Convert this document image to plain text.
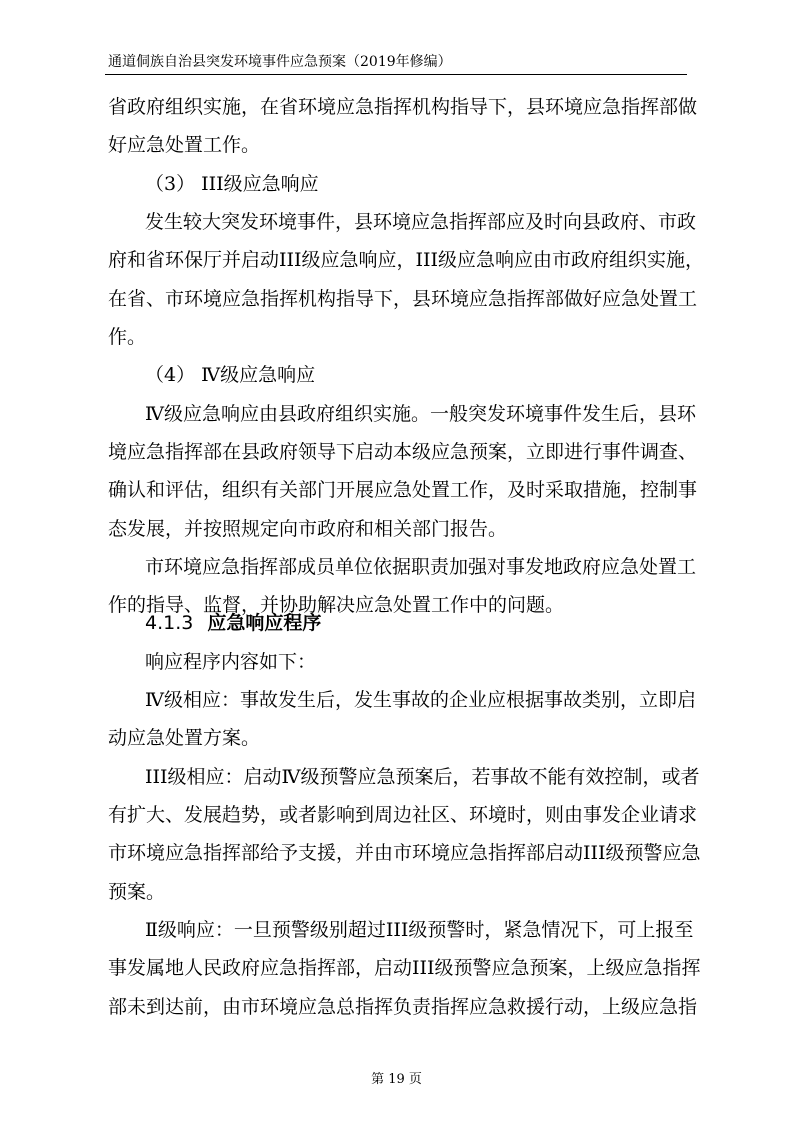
通道侗族自治县突发环境事件应急预案（2019年修编）
省政府组织实施，在省环境应急指挥机构指导下，县环境应急指挥部做
好应急处置工作。
（3） III级应急响应
发生较大突发环境事件，县环境应急指挥部应及时向县政府、市政
府和省环保厅并启动III级应急响应，III级应急响应由市政府组织实施，
在省、市环境应急指挥机构指导下，县环境应急指挥部做好应急处置工
作。
（4） Ⅳ级应急响应
Ⅳ级应急响应由县政府组织实施。一般突发环境事件发生后，县环
境应急指挥部在县政府领导下启动本级应急预案，立即进行事件调查、
确认和评估，组织有关部门开展应急处置工作，及时采取措施，控制事
态发展，并按照规定向市政府和相关部门报告。
市环境应急指挥部成员单位依据职责加强对事发地政府应急处置工
作的指导、监督，并协助解决应急处置工作中的问题。
4.1.3 应急响应程序
响应程序内容如下：
Ⅳ级相应：事故发生后，发生事故的企业应根据事故类别，立即启
动应急处置方案。
III级相应：启动Ⅳ级预警应急预案后，若事故不能有效控制，或者
有扩大、发展趋势，或者影响到周边社区、环境时，则由事发企业请求
市环境应急指挥部给予支援，并由市环境应急指挥部启动III级预警应急
预案。
Ⅱ级响应：一旦预警级别超过III级预警时，紧急情况下，可上报至
事发属地人民政府应急指挥部，启动III级预警应急预案，上级应急指挥
部未到达前，由市环境应急总指挥负责指挥应急救援行动，上级应急指
第 19 页
